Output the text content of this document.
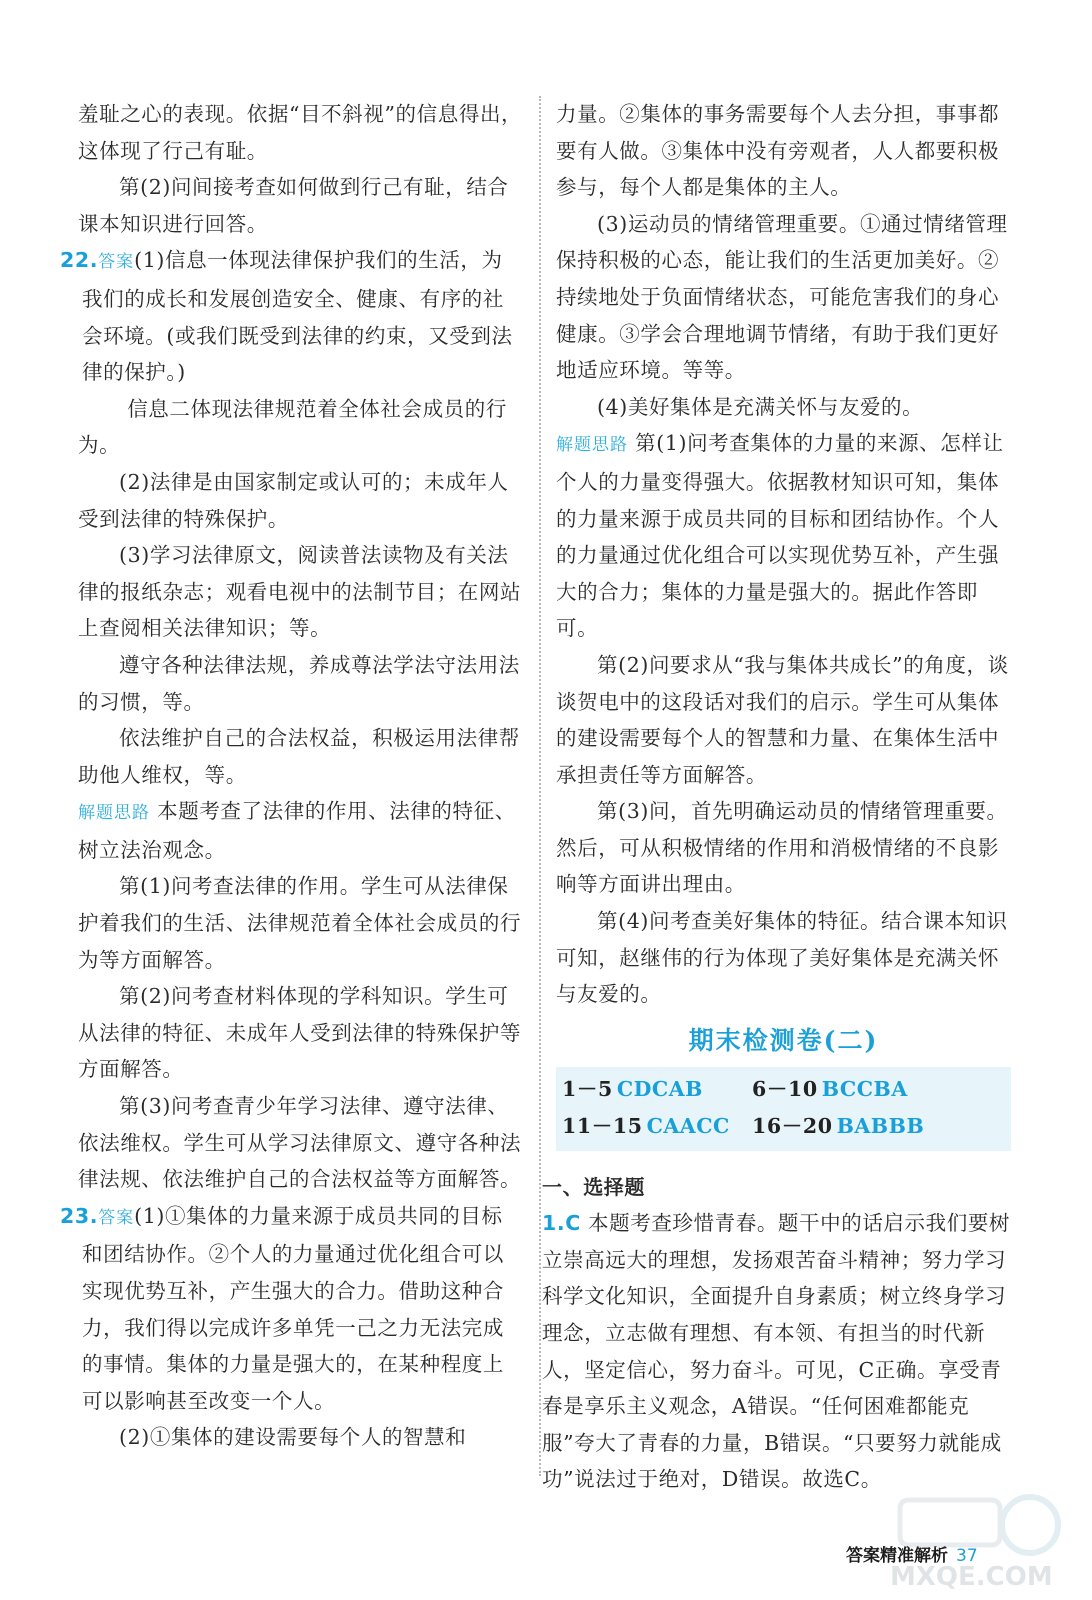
羞耻之心的表现。依据“目不斜视”的信息得出，这体现了行己有耻。

第(2)问间接考查如何做到行己有耻，结合课本知识进行回答。

22.答案(1)信息一体现法律保护我们的生活，为我们的成长和发展创造安全、健康、有序的社会环境。(或我们既受到法律的约束，又受到法律的保护。)

信息二体现法律规范着全体社会成员的行为。

(2)法律是由国家制定或认可的；未成年人受到法律的特殊保护。

(3)学习法律原文，阅读普法读物及有关法律的报纸杂志；观看电视中的法制节目；在网站上查阅相关法律知识；等。

遵守各种法律法规，养成尊法学法守法用法的习惯，等。

依法维护自己的合法权益，积极运用法律帮助他人维权，等。

解题思路 本题考查了法律的作用、法律的特征、树立法治观念。

第(1)问考查法律的作用。学生可从法律保护着我们的生活、法律规范着全体社会成员的行为等方面解答。

第(2)问考查材料体现的学科知识。学生可从法律的特征、未成年人受到法律的特殊保护等方面解答。

第(3)问考查青少年学习法律、遵守法律、依法维权。学生可从学习法律原文、遵守各种法律法规、依法维护自己的合法权益等方面解答。

23.答案(1)①集体的力量来源于成员共同的目标和团结协作。②个人的力量通过优化组合可以实现优势互补，产生强大的合力。借助这种合力，我们得以完成许多单凭一己之力无法完成的事情。集体的力量是强大的，在某种程度上可以影响甚至改变一个人。

(2)①集体的建设需要每个人的智慧和

力量。②集体的事务需要每个人去分担，事事都要有人做。③集体中没有旁观者，人人都要积极参与，每个人都是集体的主人。

(3)运动员的情绪管理重要。①通过情绪管理保持积极的心态，能让我们的生活更加美好。②持续地处于负面情绪状态，可能危害我们的身心健康。③学会合理地调节情绪，有助于我们更好地适应环境。等等。

(4)美好集体是充满关怀与友爱的。

解题思路 第(1)问考查集体的力量的来源、怎样让个人的力量变得强大。依据教材知识可知，集体的力量来源于成员共同的目标和团结协作。个人的力量通过优化组合可以实现优势互补，产生强大的合力；集体的力量是强大的。据此作答即可。

第(2)问要求从“我与集体共成长”的角度，谈谈贺电中的这段话对我们的启示。学生可从集体的建设需要每个人的智慧和力量、在集体生活中承担责任等方面解答。

第(3)问，首先明确运动员的情绪管理重要。然后，可从积极情绪的作用和消极情绪的不良影响等方面讲出理由。

第(4)问考查美好集体的特征。结合课本知识可知，赵继伟的行为体现了美好集体是充满关怀与友爱的。

期末检测卷(二)
1－5 CDCAB	6－10 BCCBA
11－15 CAACC	16－20 BABBB
一、选择题

1.C 本题考查珍惜青春。题干中的话启示我们要树立崇高远大的理想，发扬艰苦奋斗精神；努力学习科学文化知识，全面提升自身素质；树立终身学习理念，立志做有理想、有本领、有担当的时代新人，坚定信心，努力奋斗。可见，C正确。享受青春是享乐主义观念，A错误。“任何困难都能克服”夸大了青春的力量，B错误。“只要努力就能成功”说法过于绝对，D错误。故选C。

答案精准解析 37
MXQE.COM
